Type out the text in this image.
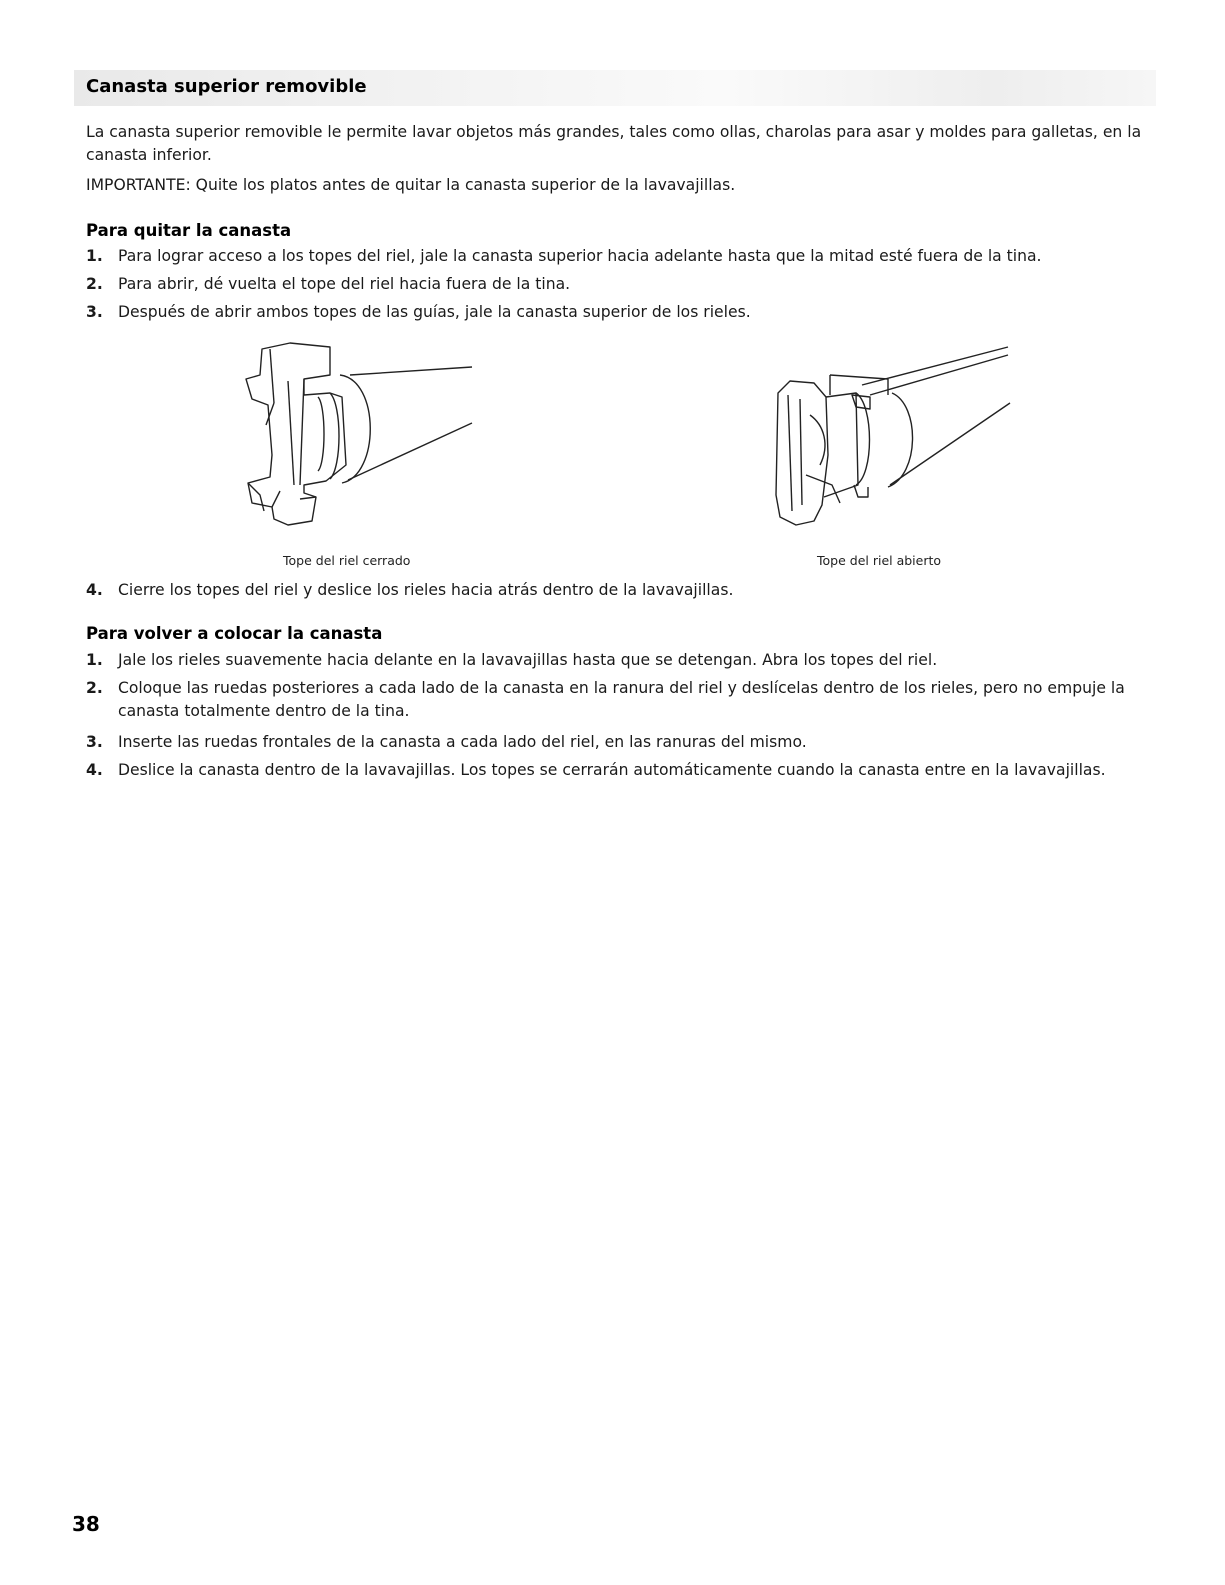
Canasta superior removible
La canasta superior removible le permite lavar objetos más grandes, tales como ollas, charolas para asar y moldes para galletas, en la canasta inferior.
IMPORTANTE: Quite los platos antes de quitar la canasta superior de la lavavajillas.
Para quitar la canasta
1. Para lograr acceso a los topes del riel, jale la canasta superior hacia adelante hasta que la mitad esté fuera de la tina.
2. Para abrir, dé vuelta el tope del riel hacia fuera de la tina.
3. Después de abrir ambos topes de las guías, jale la canasta superior de los rieles.
Tope del riel cerrado	Tope del riel abierto
4. Cierre los topes del riel y deslice los rieles hacia atrás dentro de la lavavajillas.
Para volver a colocar la canasta
1. Jale los rieles suavemente hacia delante en la lavavajillas hasta que se detengan. Abra los topes del riel.
2. Coloque las ruedas posteriores a cada lado de la canasta en la ranura del riel y deslícelas dentro de los rieles, pero no empuje la canasta totalmente dentro de la tina.
3. Inserte las ruedas frontales de la canasta a cada lado del riel, en las ranuras del mismo.
4. Deslice la canasta dentro de la lavavajillas. Los topes se cerrarán automáticamente cuando la canasta entre en la lavavajillas.
38
